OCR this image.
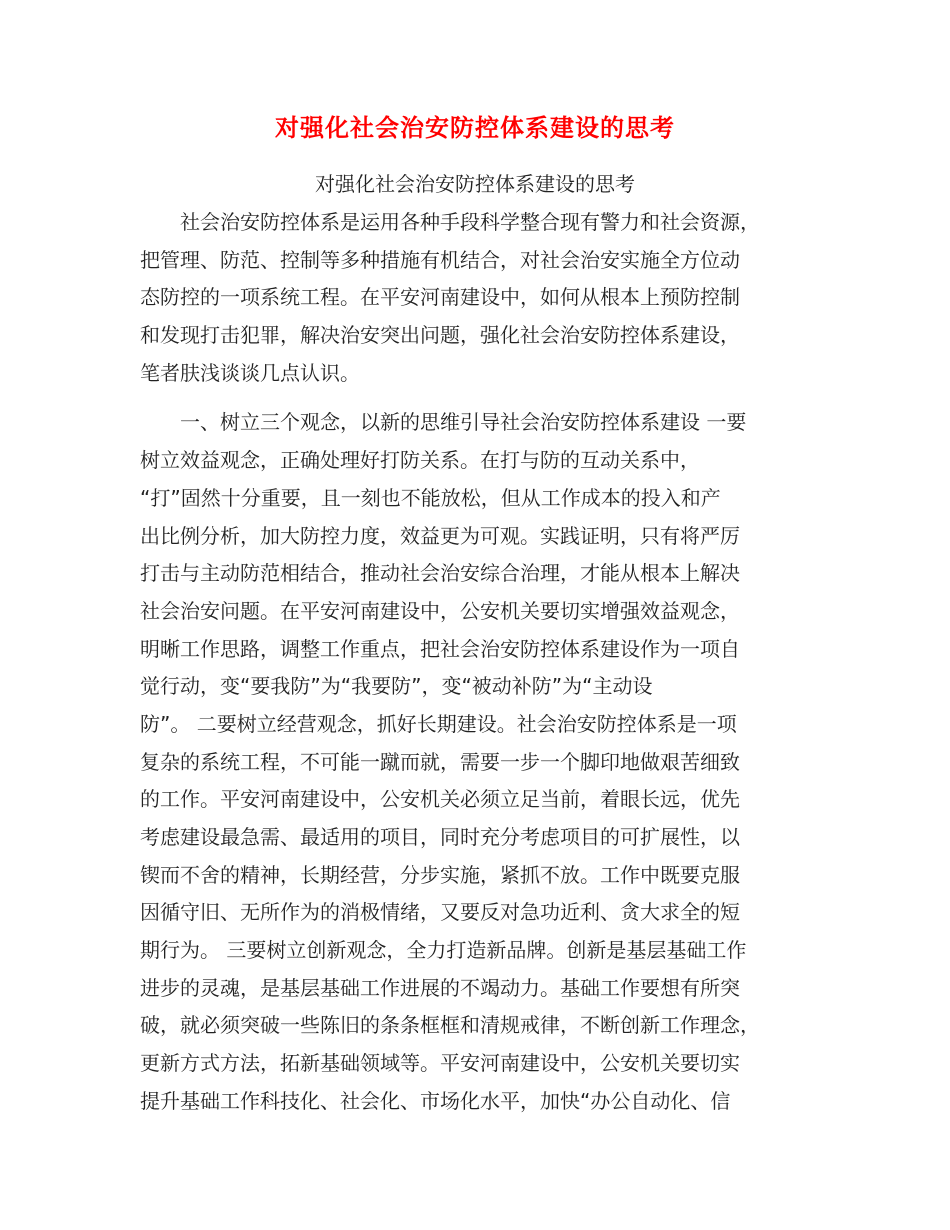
对强化社会治安防控体系建设的思考
对强化社会治安防控体系建设的思考
社会治安防控体系是运用各种手段科学整合现有警力和社会资源，
把管理、防范、控制等多种措施有机结合，对社会治安实施全方位动
态防控的一项系统工程。在平安河南建设中，如何从根本上预防控制
和发现打击犯罪，解决治安突出问题，强化社会治安防控体系建设，
笔者肤浅谈谈几点认识。
一、树立三个观念，以新的思维引导社会治安防控体系建设 一要
树立效益观念，正确处理好打防关系。在打与防的互动关系中，
“打”固然十分重要，且一刻也不能放松，但从工作成本的投入和产
出比例分析，加大防控力度，效益更为可观。实践证明，只有将严厉
打击与主动防范相结合，推动社会治安综合治理，才能从根本上解决
社会治安问题。在平安河南建设中，公安机关要切实增强效益观念，
明晰工作思路，调整工作重点，把社会治安防控体系建设作为一项自
觉行动，变“要我防”为“我要防”，变“被动补防”为“主动设
防”。 二要树立经营观念，抓好长期建设。社会治安防控体系是一项
复杂的系统工程，不可能一蹴而就，需要一步一个脚印地做艰苦细致
的工作。平安河南建设中，公安机关必须立足当前，着眼长远，优先
考虑建设最急需、最适用的项目，同时充分考虑项目的可扩展性，以
锲而不舍的精神，长期经营，分步实施，紧抓不放。工作中既要克服
因循守旧、无所作为的消极情绪，又要反对急功近利、贪大求全的短
期行为。 三要树立创新观念，全力打造新品牌。创新是基层基础工作
进步的灵魂，是基层基础工作进展的不竭动力。基础工作要想有所突
破，就必须突破一些陈旧的条条框框和清规戒律，不断创新工作理念，
更新方式方法，拓新基础领域等。平安河南建设中，公安机关要切实
提升基础工作科技化、社会化、市场化水平，加快“办公自动化、信
